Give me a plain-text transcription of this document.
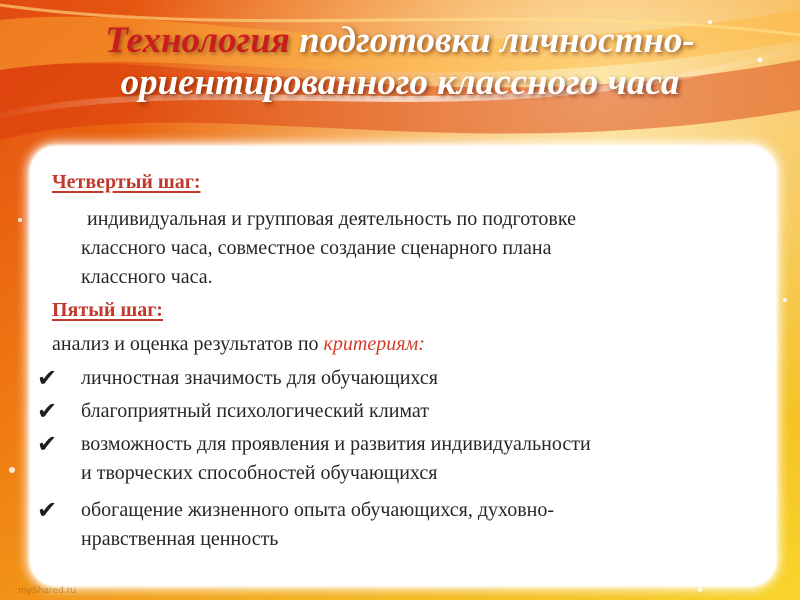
Технология подготовки личностно-
ориентированного классного часа
Четвертый шаг:
индивидуальная и групповая деятельность по подготовке
классного часа, совместное создание сценарного плана
классного часа.
Пятый шаг:
анализ и оценка результатов по критериям:
✔ личностная значимость для обучающихся
✔ благоприятный психологический климат
✔ возможность для проявления и развития индивидуальности
и творческих способностей обучающихся
✔ обогащение жизненного опыта обучающихся, духовно-
нравственная ценность
myShared.ru
